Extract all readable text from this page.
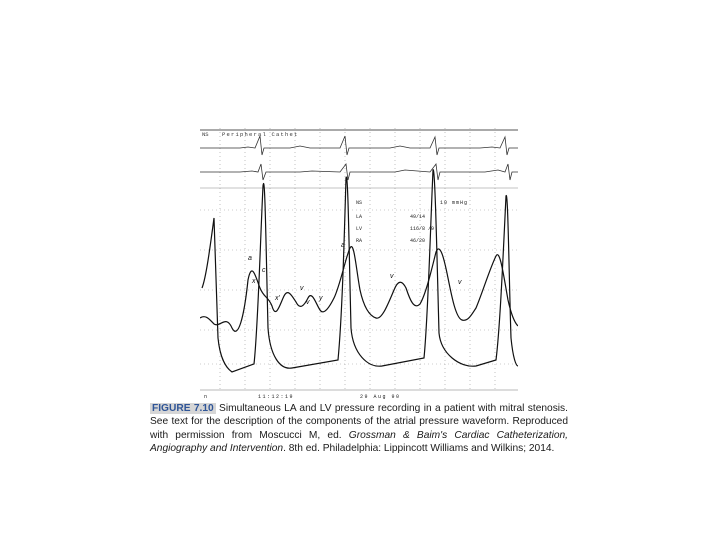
NS Peripheral Cathet
NS	10 mmHg
LA	49/14
LV	116/8 /9
RA	46/20
a
c
x
x'
v
y
v
a
v
v
n	11:12:19	29 Aug 90
FIGURE 7.10 Simultaneous LA and LV pressure recording in a patient with mitral stenosis. See text for the description of the components of the atrial pressure waveform. Reproduced with permission from Moscucci M, ed. Grossman & Baim's Cardiac Catheterization, Angiography and Intervention. 8th ed. Philadelphia: Lippincott Williams and Wilkins; 2014.
